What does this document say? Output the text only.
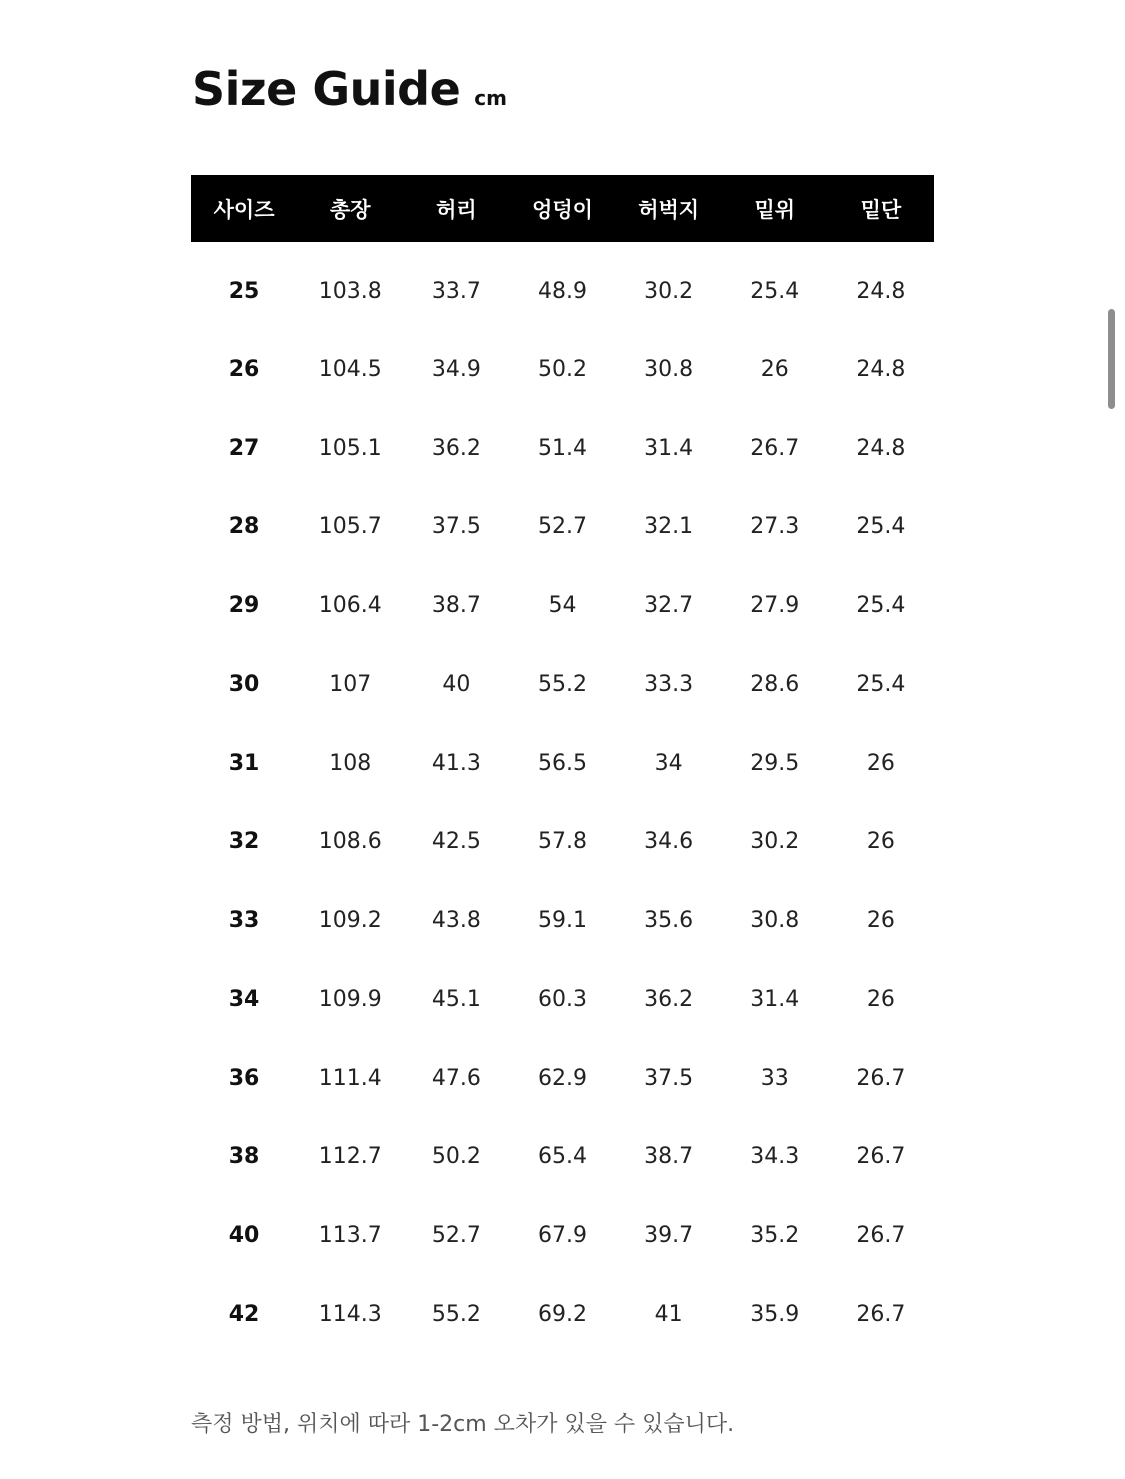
Size Guide cm
사이즈	총장	허리	엉덩이	허벅지	밑위	밑단
25	103.8	33.7	48.9	30.2	25.4	24.8
26	104.5	34.9	50.2	30.8	26	24.8
27	105.1	36.2	51.4	31.4	26.7	24.8
28	105.7	37.5	52.7	32.1	27.3	25.4
29	106.4	38.7	54	32.7	27.9	25.4
30	107	40	55.2	33.3	28.6	25.4
31	108	41.3	56.5	34	29.5	26
32	108.6	42.5	57.8	34.6	30.2	26
33	109.2	43.8	59.1	35.6	30.8	26
34	109.9	45.1	60.3	36.2	31.4	26
36	111.4	47.6	62.9	37.5	33	26.7
38	112.7	50.2	65.4	38.7	34.3	26.7
40	113.7	52.7	67.9	39.7	35.2	26.7
42	114.3	55.2	69.2	41	35.9	26.7
측정 방법, 위치에 따라 1-2cm 오차가 있을 수 있습니다.
